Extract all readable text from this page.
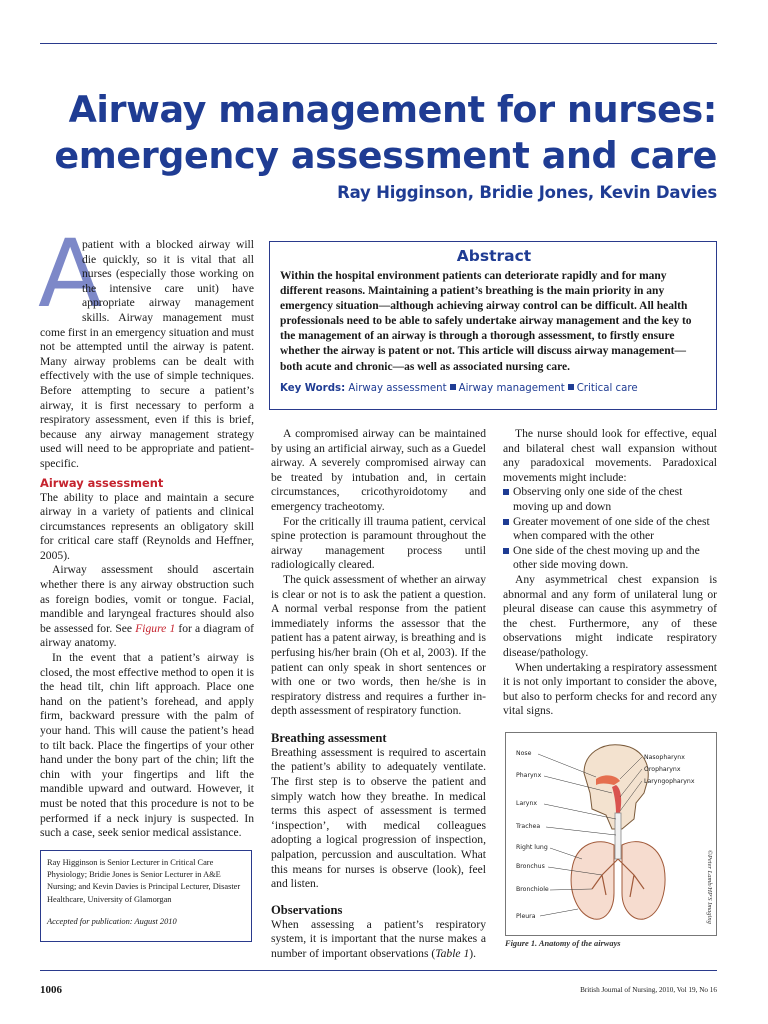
Airway management for nurses:
emergency assessment and care
Ray Higginson, Bridie Jones, Kevin Davies

A
patient with a blocked airway will die quickly, so it is vital that all nurses (especially those working on the intensive care unit) have appropriate airway management skills. Airway management must come first in an emergency situation and must not be attempted until the airway is patent. Many airway problems can be dealt with effectively with the use of simple techniques. Before attempting to secure a patient’s airway, it is first necessary to perform a respiratory assessment, even if this is brief, because any airway management strategy used will need to be appropriate and patient-specific.

Airway assessment

The ability to place and maintain a secure airway in a variety of patients and clinical circumstances represents an obligatory skill for critical care staff (Reynolds and Heffner, 2005).

Airway assessment should ascertain whether there is any airway obstruction such as foreign bodies, vomit or tongue. Facial, mandible and laryngeal fractures should also be assessed for. See Figure 1 for a diagram of airway anatomy.

In the event that a patient’s airway is closed, the most effective method to open it is the head tilt, chin lift approach. Place one hand on the patient’s forehead, and apply firm, backward pressure with the palm of your hand. This will cause the patient’s head to tilt back. Place the fingertips of your other hand under the bony part of the chin; lift the chin with your fingertips and lift the mandible upward and outward. However, it must be noted that this procedure is not to be performed if a neck injury is suspected. In such a case, seek senior medical assistance.

Ray Higginson is Senior Lecturer in Critical Care Physiology; Bridie Jones is Senior Lecturer in A&E Nursing; and Kevin Davies is Principal Lecturer, Disaster Healthcare, University of Glamorgan
Accepted for publication: August 2010
Abstract
Within the hospital environment patients can deteriorate rapidly and for many different reasons. Maintaining a patient’s breathing is the main priority in any emergency situation—although achieving airway control can be difficult. All health professionals need to be able to safely undertake airway management and the key to the management of an airway is through a thorough assessment, to firstly ensure whether the airway is patent or not. This article will discuss airway management—both acute and chronic—as well as associated nursing care.
Key Words: Airway assessment Airway management Critical care

A compromised airway can be maintained by using an artificial airway, such as a Guedel airway. A severely compromised airway can be treated by intubation and, in certain circumstances, cricothyroidotomy and emergency tracheotomy.

For the critically ill trauma patient, cervical spine protection is paramount throughout the airway management process until radiologically cleared.

The quick assessment of whether an airway is clear or not is to ask the patient a question. A normal verbal response from the patient immediately informs the assessor that the patient has a patent airway, is breathing and is perfusing his/her brain (Oh et al, 2003). If the patient can only speak in short sentences or with one or two words, then he/she is in respiratory distress and requires a further in-depth assessment of respiratory function.

Breathing assessment

Breathing assessment is required to ascertain the patient’s ability to adequately ventilate. The first step is to observe the patient and simply watch how they breathe. In medical terms this aspect of assessment is termed ‘inspection’, with medical colleagues adopting a logical progression of inspection, palpation, percussion and auscultation. What this means for nurses is observe (look), feel and listen.

Observations

When assessing a patient’s respiratory system, it is important that the nurse makes a number of important observations (Table 1).

The nurse should look for effective, equal and bilateral chest wall expansion without any paradoxical movements. Paradoxical movements might include:

Observing only one side of the chest moving up and down
Greater movement of one side of the chest when compared with the other
One side of the chest moving up and the other side moving down.

Any asymmetrical chest expansion is abnormal and any form of unilateral lung or pleural disease can cause this asymmetry of the chest. Furthermore, any of these observations might indicate respiratory disease/pathology.

When undertaking a respiratory assessment it is not only important to consider the above, but also to perform checks for and record any vital signs.

Nose
Pharynx
Larynx
Trachea
Right lung
Bronchus
Bronchiole
Pleura
Nasopharynx
Oropharynx
Laryngopharynx
Figure 1. Anatomy of the airways
©Peter Lamb/HP'S Imaging
1006	British Journal of Nursing, 2010, Vol 19, No 16
